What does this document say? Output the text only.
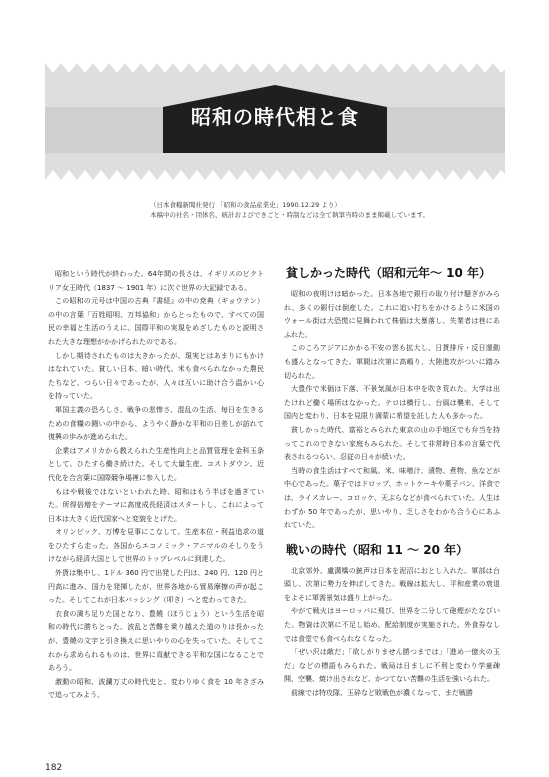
昭和の時代相と食
（日本食糧新聞社発行 「昭和の食品産業史」1990.12.29 より）
本稿中の社名・団体名、統計およびできごと・時制などは全て執筆当時のまま掲載しています。

昭和という時代が終わった。64年間の長さは、イギリスのビクトリア女王時代（1837 ～ 1901 年）に次ぐ世界の大記録である。

この昭和の元号は中国の古典『書経』の中の尭典（ギョウテン）の中の言葉「百姓昭明、万邦協和」からとったもので、すべての国民の幸福と生活のうえに、国際平和の実現をめざしたものと説明された大きな理想がかかげられたのである。

しかし期待されたものは大きかったが、現実とはあまりにもかけはなれていた。貧しい日本、暗い時代。米も食べられなかった農民たちなど、つらい日々であったが、人々は互いに助け合う温かい心を持っていた。

軍国主義の恐ろしさ、戦争の悲惨さ、混乱の生活、毎日を生きるための食糧の闘いの中から、ようやく静かな平和の日差しが訪れて復興の歩みが進められた。

企業はアメリカから教えられた生産性向上と品質管理を金科玉条として、ひたすら働き続けた。そして大量生産、コストダウン、近代化を合言葉に国際競争場裡に参入した。

もはや戦後ではないといわれた時、昭和はもう半ばを過ぎていた。所得倍増をテーマに高度成長経済はスタートし、これによって日本は大きく近代国家へと変貌をとげた。

オリンピック、万博を見事にこなして、生産本位・利益追求の道をひたすら走った。各国からエコノミック・アニマルのそしりをうけながら経済大国として世界のトップレベルに到達した。

外貨は集中し、1ドル 360 円で出発した円は、240 円、120 円と円高に進み、国力を発揮したが、世界各地から貿易摩擦の声が起こった。そしてこれが日本バッシング（叩き）へと変わってきた。

衣食の満ち足りた国となり、豊饒（ほうじょう）という生活を昭和の時代に勝ちとった。波乱と苦難を乗り越えた道のりは長かったが、豊饒の文字と引き換えに思いやりの心を失っていた。そしてこれから求められるものは、世界に貢献できる平和な国になることであろう。

激動の昭和、波瀾万丈の時代史と、変わりゆく食を 10 年きざみで追ってみよう。

貧しかった時代（昭和元年～ 10 年）

昭和の夜明けは暗かった。日本各地で銀行の取り付け騒ぎがみられ、多くの銀行は倒産した。これに追い打ちをかけるように米国のウォール街は大恐慌に見舞われて株価は大暴落し、失業者は巷にあふれた。

このころアジアにかかる不安の雲も拡大し、日貨排斥・反日運動も盛んとなってきた。軍閥は次第に高嶋り、大陸進攻がついに踏み切られた。

大豊作で米価は下落、不景気風が日本中を吹き荒れた。大学は出たけれど働く場所はなかった。テロは横行し、台風は襲来、そして国内と変わり、日本を見限り満蒙に希望を託した人も多かった。

貧しかった時代、富裕とみられた東京の山の手地区でも弁当を持ってこれのできない家庭もみられた。そして非常時日本の言葉で代表されるつらい、忍従の日々が続いた。

当時の食生活はすべて和風。米、味噌汁、漬物、煮物、魚などが中心であった。菓子ではドロップ、ホットケーキや菓子パン、洋食では、ライスカレー、コロッケ、天ぷらなどが食べられていた。人生はわずか 50 年であったが、思いやり、乏しさをわかち合う心にあふれていた。

戦いの時代（昭和 11 ～ 20 年）

北京郊外、盧溝橋の銃声は日本を泥沼におとし入れた。軍部は台頭し、次第に勢力を伸ばしてきた。戦線は拡大し、平和産業の衰退をよそに軍需景気は盛り上がった。

やがて戦火はヨーロッパに飛び、世界を二分して砲煙がたなびいた。物資は次第に不足し始め、配給制度が実施された。外食券なしでは食堂でも食べられなくなった。

「ぜい沢は敵だ」「欲しがりません勝つまでは」「進め一億火の玉だ」などの標語もみられた。戦局は日ましに不利と変わり学童疎開、空襲、焼け出されなど、かつてない苦難の生活を強いられた。

前線では特攻隊、玉砕など敗戦色が濃くなって、まだ戦勝

182
